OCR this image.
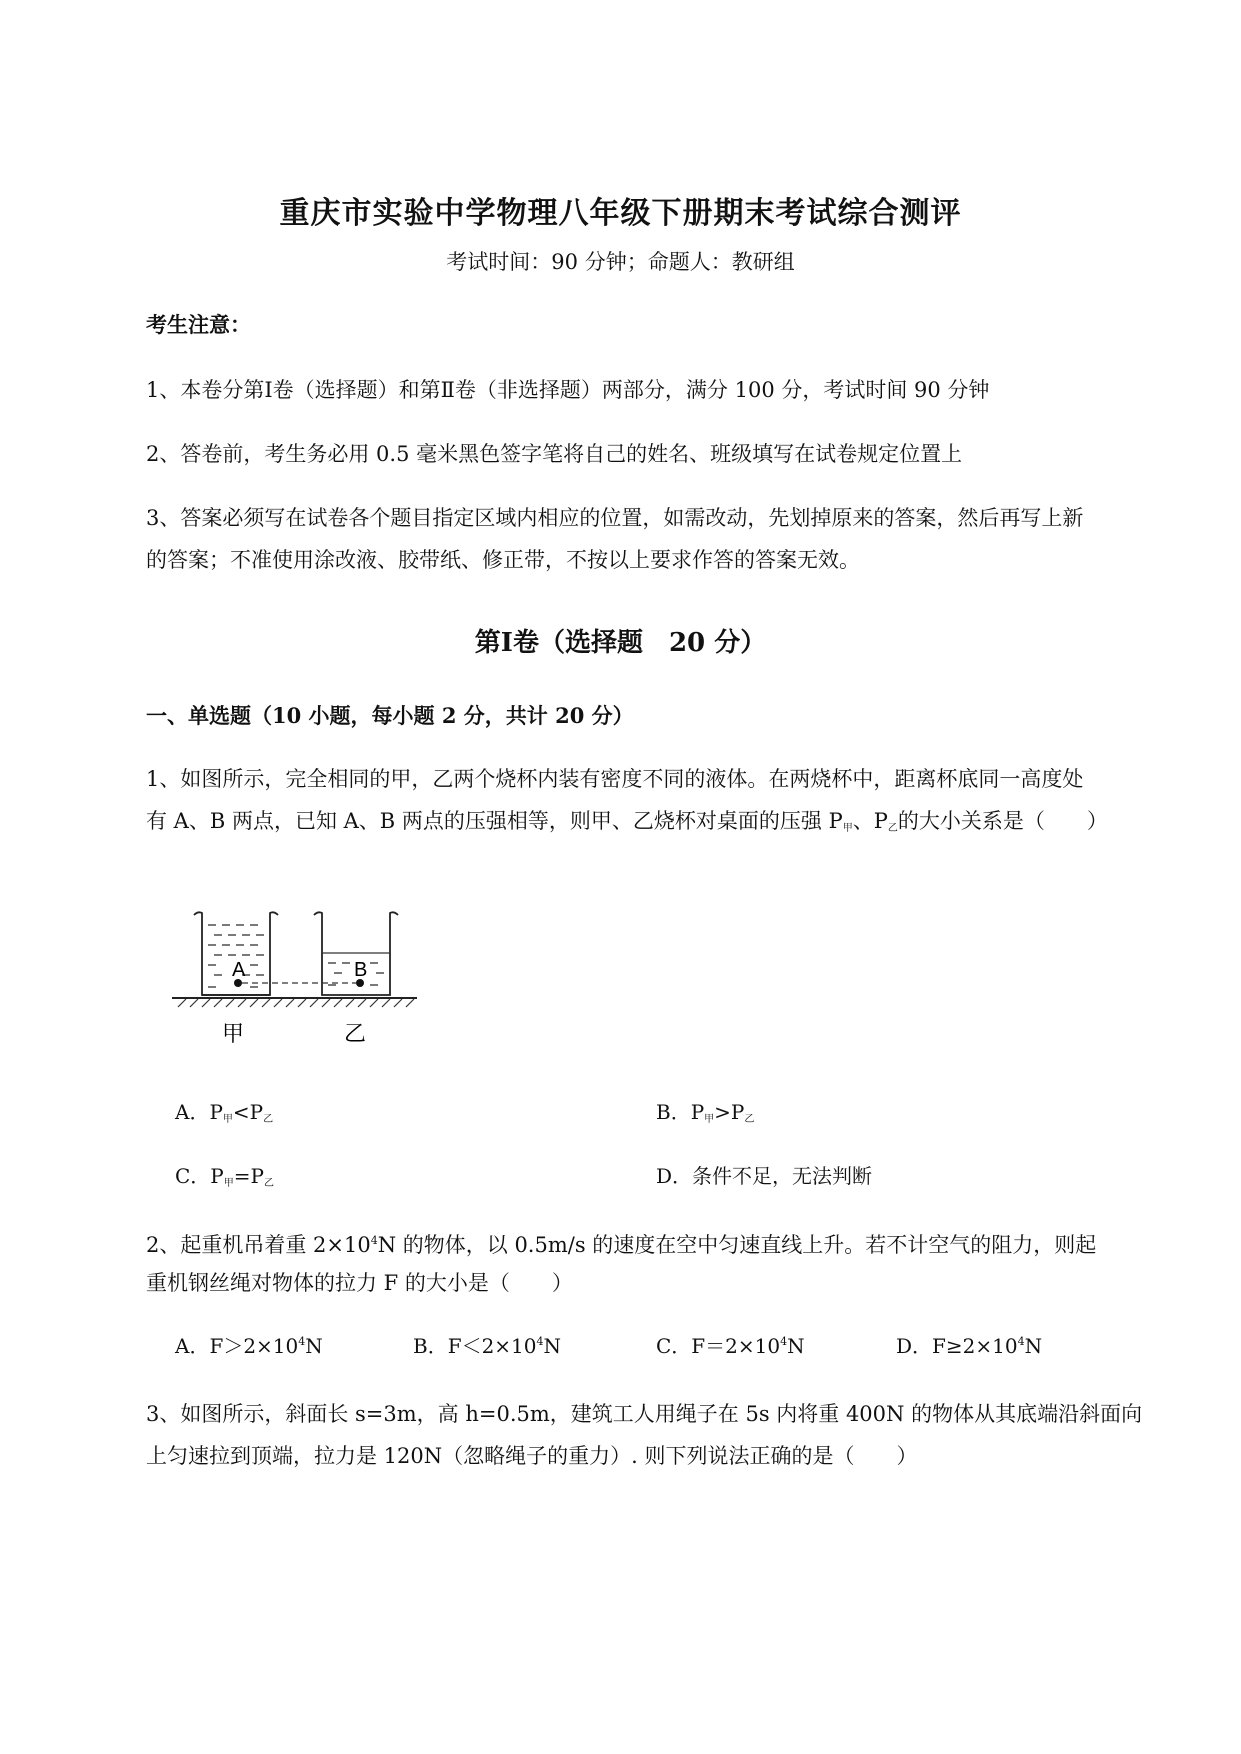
重庆市实验中学物理八年级下册期末考试综合测评
考试时间：90 分钟；命题人：教研组
考生注意：
1、本卷分第Ⅰ卷（选择题）和第Ⅱ卷（非选择题）两部分，满分 100 分，考试时间 90 分钟
2、答卷前，考生务必用 0.5 毫米黑色签字笔将自己的姓名、班级填写在试卷规定位置上
3、答案必须写在试卷各个题目指定区域内相应的位置，如需改动，先划掉原来的答案，然后再写上新
的答案；不准使用涂改液、胶带纸、修正带，不按以上要求作答的答案无效。
第Ⅰ卷（选择题　20 分）
一、单选题（10 小题，每小题 2 分，共计 20 分）
1、如图所示，完全相同的甲，乙两个烧杯内装有密度不同的液体。在两烧杯中，距离杯底同一高度处
有 A、B 两点，已知 A、B 两点的压强相等，则甲、乙烧杯对桌面的压强 $P_甲$、$P_乙$的大小关系是（　　）
A	B
甲	乙
A．$P_甲<P_乙$	B．$P_甲>P_乙$
C．$P_甲=P_乙$	D．条件不足，无法判断
2、起重机吊着重 $2\times 10^4N$ 的物体，以 0.5m/s 的速度在空中匀速直线上升。若不计空气的阻力，则起
重机钢丝绳对物体的拉力 F 的大小是（　　）
A．$F>2\times 10^4N$	B．$F<2\times 10^4N$	C．$F=2\times 10^4N$	D．$F\ge 2\times 10^4N$
3、如图所示，斜面长 s=3m，高 h=0.5m，建筑工人用绳子在 5s 内将重 400N 的物体从其底端沿斜面向
上匀速拉到顶端，拉力是 120N（忽略绳子的重力）. 则下列说法正确的是（　　）
